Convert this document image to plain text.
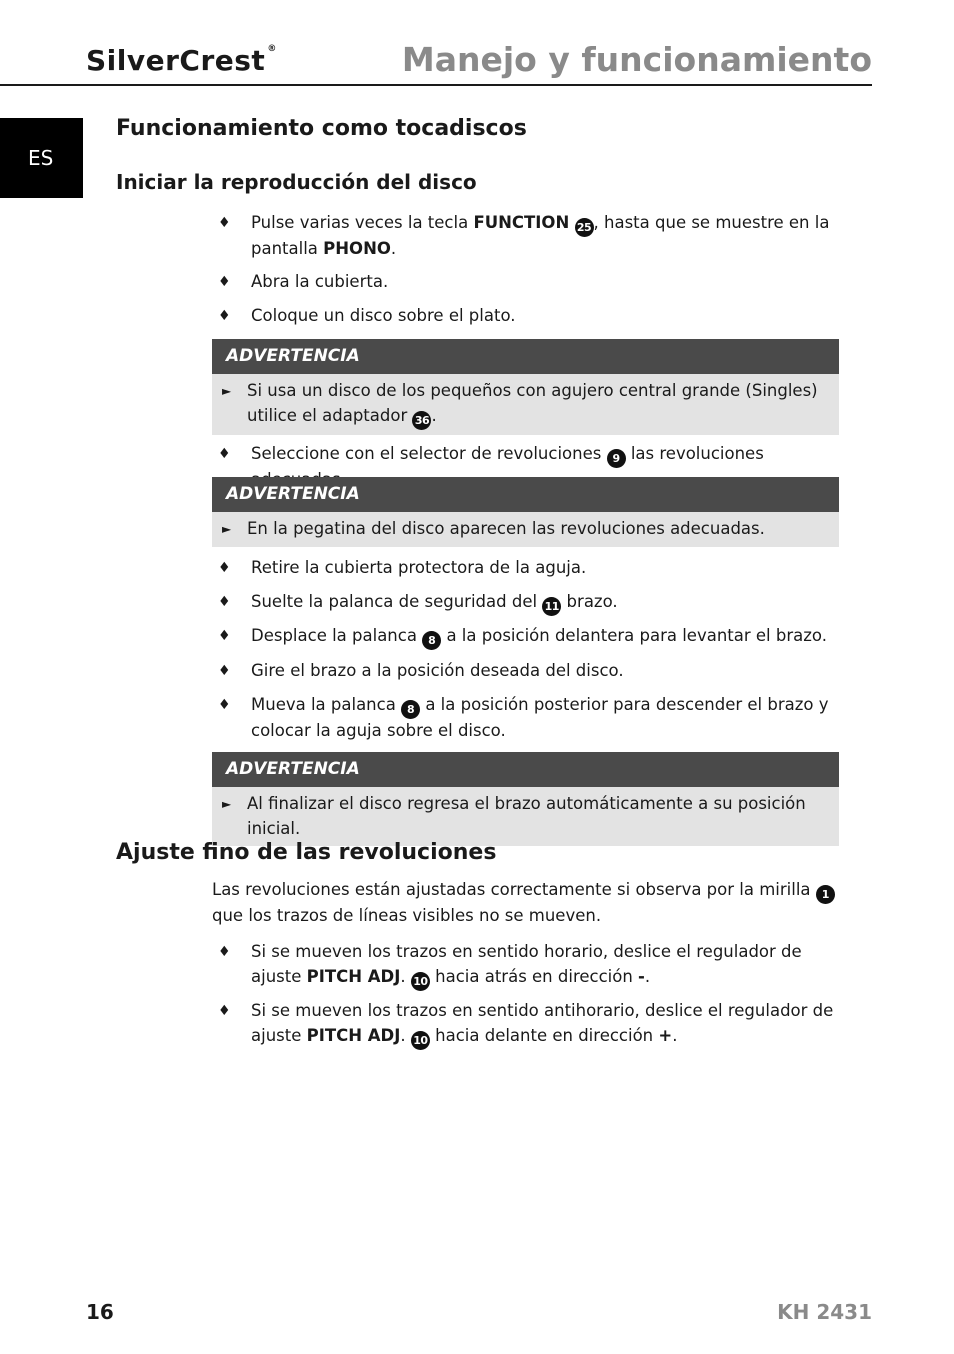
SilverCrest ®	Manejo y funcionamiento
ES
Funcionamiento como tocadiscos
Iniciar la reproducción del disco
♦ Pulse varias veces la tecla FUNCTION 25 , hasta que se muestre en la pantalla PHONO.
♦ Abra la cubierta.
♦ Coloque un disco sobre el plato.
ADVERTENCIA
► Si usa un disco de los pequeños con agujero central grande (Singles) utilice el adaptador 36 .
♦ Seleccione con el selector de revoluciones 9 las revoluciones
ADVERTENCIA
► En la pegatina del disco aparecen las revoluciones adecuadas.
♦ Retire la cubierta protectora de la aguja.
♦ Suelte la palanca de seguridad del 11 brazo.
♦ Desplace la palanca 8 a la posición delantera para levantar el brazo.
♦ Gire el brazo a la posición deseada del disco.
♦ Mueva la palanca 8 a la posición posterior para descender el brazo y colocar la aguja sobre el disco.
ADVERTENCIA
► Al finalizar el disco regresa el brazo automáticamente a su posición inicial.
Ajuste fino de las revoluciones
Las revoluciones están ajustadas correctamente si observa por la mirilla 1 que los trazos de líneas visibles no se mueven.
♦ Si se mueven los trazos en sentido horario, deslice el regulador de ajuste PITCH ADJ. 10 hacia atrás en dirección -.
♦ Si se mueven los trazos en sentido antihorario, deslice el regulador de ajuste PITCH ADJ. 10 hacia delante en dirección +.
16	KH 2431
